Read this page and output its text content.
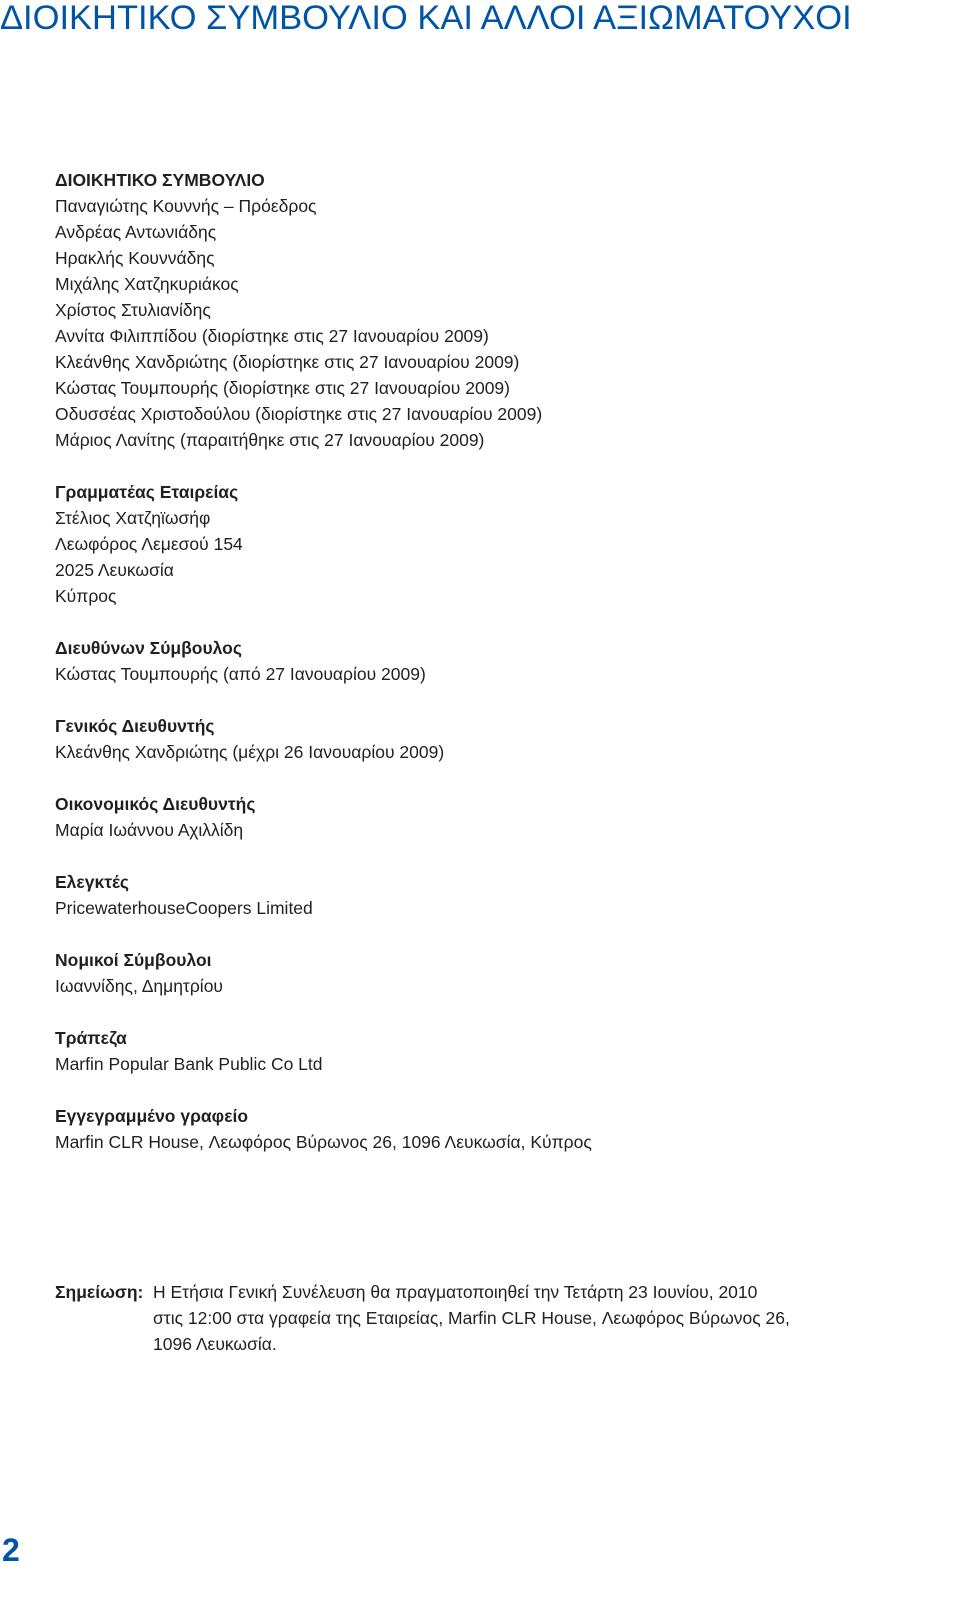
ΔΙΟΙΚΗΤΙΚΟ ΣΥΜΒΟΥΛΙΟ ΚΑΙ ΑΛΛΟΙ ΑΞΙΩΜΑΤΟΥΧΟΙ
ΔΙΟΙΚΗΤΙΚΟ ΣΥΜΒΟΥΛΙΟ
Παναγιώτης Κουννής – Πρόεδρος
Ανδρέας Αντωνιάδης
Ηρακλής Κουννάδης
Μιχάλης Χατζηκυριάκος
Χρίστος Στυλιανίδης
Αννίτα Φιλιππίδου (διορίστηκε στις 27 Ιανουαρίου 2009)
Κλεάνθης Χανδριώτης (διορίστηκε στις 27 Ιανουαρίου 2009)
Κώστας Τουμπουρής (διορίστηκε στις 27 Ιανουαρίου 2009)
Οδυσσέας Χριστοδούλου (διορίστηκε στις 27 Ιανουαρίου 2009)
Μάριος Λανίτης (παραιτήθηκε στις 27 Ιανουαρίου 2009)
Γραμματέας Εταιρείας
Στέλιος Χατζηϊωσήφ
Λεωφόρος Λεμεσού 154
2025 Λευκωσία
Κύπρος
Διευθύνων Σύμβουλος
Κώστας Τουμπουρής (από 27 Ιανουαρίου 2009)
Γενικός Διευθυντής
Κλεάνθης Χανδριώτης (μέχρι 26 Ιανουαρίου 2009)
Οικονομικός Διευθυντής
Μαρία Ιωάννου Αχιλλίδη
Ελεγκτές
PricewaterhouseCoopers Limited
Νομικοί Σύμβουλοι
Ιωαννίδης, Δημητρίου
Τράπεζα
Marfin Popular Bank Public Co Ltd
Εγγεγραμμένο γραφείο
Marfin CLR House, Λεωφόρος Βύρωνος 26, 1096 Λευκωσία, Κύπρος
Σημείωση: Η Ετήσια Γενική Συνέλευση θα πραγματοποιηθεί την Τετάρτη 23 Ιουνίου, 2010
στις 12:00 στα γραφεία της Εταιρείας, Marfin CLR House, Λεωφόρος Βύρωνος 26,
1096 Λευκωσία.
2
